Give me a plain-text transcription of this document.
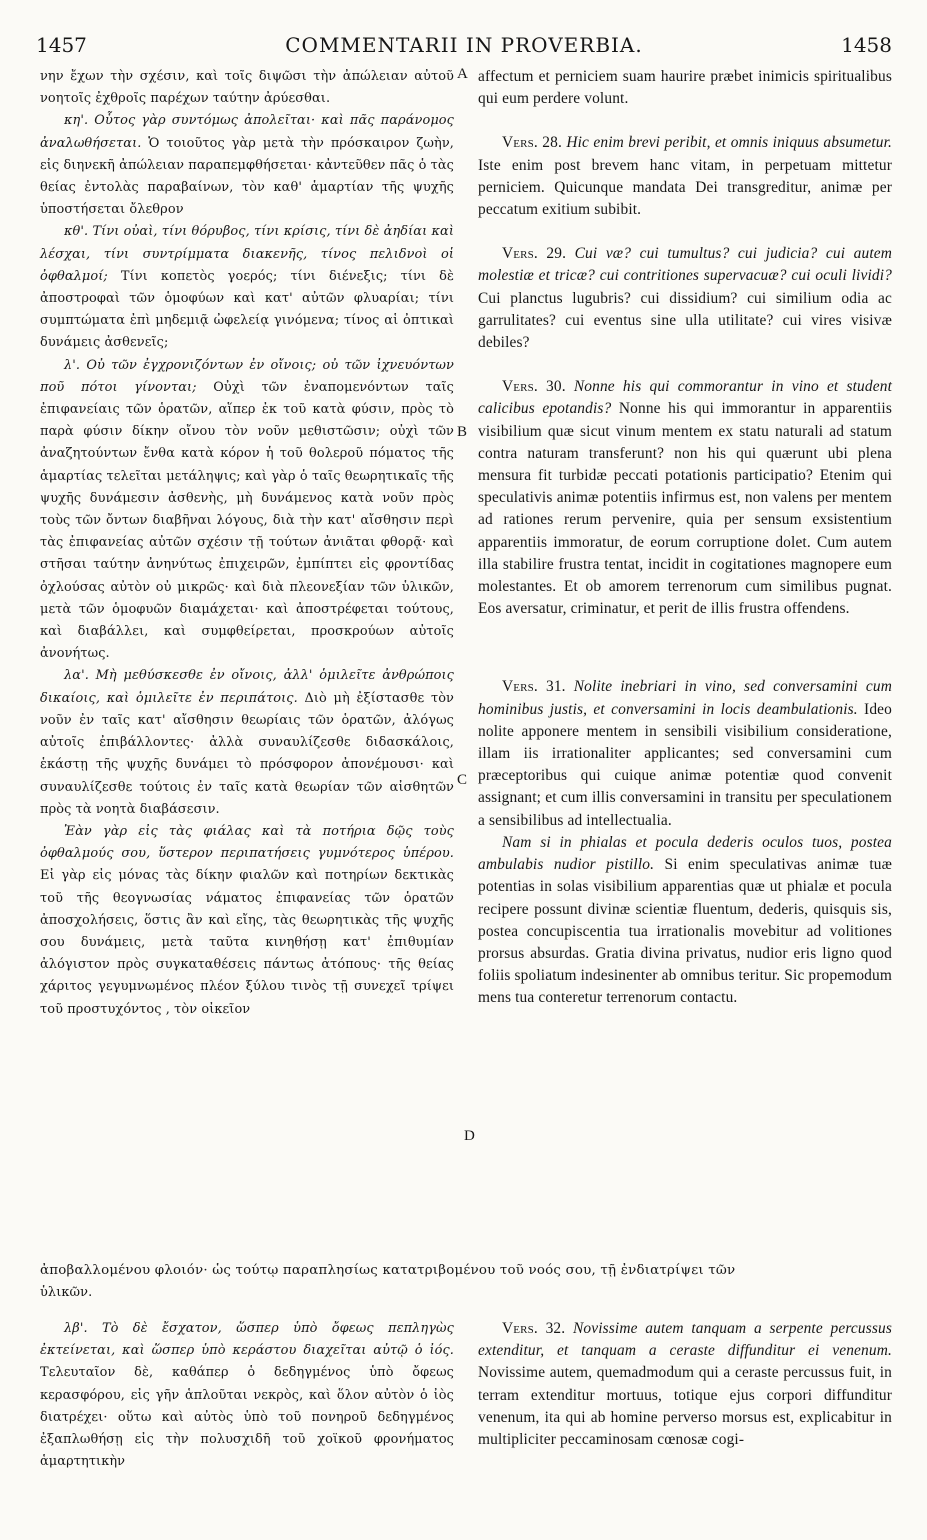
1457	COMMENTARII IN PROVERBIA.	1458
A
B
C
D

νην ἔχων τὴν σχέσιν, καὶ τοῖς διψῶσι τὴν ἀπώλειαν αὐτοῦ νοητοῖς ἐχθροῖς παρέχων ταύτην ἀρύεσθαι.

κη'. Οὗτος γὰρ συντόμως ἀπολεῖται· καὶ πᾶς παράνομος ἀναλωθήσεται. Ὁ τοιοῦτος γὰρ μετὰ τὴν πρόσκαιρον ζωὴν, εἰς διηνεκῆ ἀπώλειαν παραπεμφθήσεται· κἀντεῦθεν πᾶς ὁ τὰς θείας ἐντολὰς παραβαίνων, τὸν καθ' ἁμαρτίαν τῆς ψυχῆς ὑποστήσεται ὄλεθρον

κθ'. Τίνι οὐαὶ, τίνι θόρυβος, τίνι κρίσις, τίνι δὲ ἀηδίαι καὶ λέσχαι, τίνι συντρίμματα διακενῆς, τίνος πελιδνοὶ οἱ ὀφθαλμοί; Τίνι κοπετὸς γοερός; τίνι διένεξις; τίνι δὲ ἀποστροφαὶ τῶν ὁμοφύων καὶ κατ' αὐτῶν φλυαρίαι; τίνι συμπτώματα ἐπὶ μηδεμιᾷ ὠφελείᾳ γινόμενα; τίνος αἱ ὀπτικαὶ δυνάμεις ἀσθενεῖς;

λ'. Οὐ τῶν ἐγχρονιζόντων ἐν οἴνοις; οὐ τῶν ἰχνευόντων ποῦ πότοι γίνονται; Οὐχὶ τῶν ἐναπομενόντων ταῖς ἐπιφανείαις τῶν ὁρατῶν, αἵπερ ἐκ τοῦ κατὰ φύσιν, πρὸς τὸ παρὰ φύσιν δίκην οἴνου τὸν νοῦν μεθιστῶσιν; οὐχὶ τῶν ἀναζητούντων ἔνθα κατὰ κόρον ἡ τοῦ θολεροῦ πόματος τῆς ἁμαρτίας τελεῖται μετάληψις; καὶ γὰρ ὁ ταῖς θεωρητικαῖς τῆς ψυχῆς δυνάμεσιν ἀσθενὴς, μὴ δυνάμενος κατὰ νοῦν πρὸς τοὺς τῶν ὄντων διαβῆναι λόγους, διὰ τὴν κατ' αἴσθησιν περὶ τὰς ἐπιφανείας αὐτῶν σχέσιν τῇ τούτων ἀνιᾶται φθορᾷ· καὶ στῆσαι ταύτην ἀνηνύτως ἐπιχειρῶν, ἐμπίπτει εἰς φροντίδας ὀχλούσας αὐτὸν οὐ μικρῶς· καὶ διὰ πλεονεξίαν τῶν ὑλικῶν, μετὰ τῶν ὁμοφυῶν διαμάχεται· καὶ ἀποστρέφεται τούτους, καὶ διαβάλλει, καὶ συμφθείρεται, προσκρούων αὐτοῖς ἀνονήτως.

λα'. Μὴ μεθύσκεσθε ἐν οἴνοις, ἀλλ' ὁμιλεῖτε ἀνθρώποις δικαίοις, καὶ ὁμιλεῖτε ἐν περιπάτοις. Διὸ μὴ ἐξίστασθε τὸν νοῦν ἐν ταῖς κατ' αἴσθησιν θεωρίαις τῶν ὁρατῶν, ἀλόγως αὐτοῖς ἐπιβάλλοντες· ἀλλὰ συναυλίζεσθε διδασκάλοις, ἑκάστῃ τῆς ψυχῆς δυνάμει τὸ πρόσφορον ἀπονέμουσι· καὶ συναυλίζεσθε τούτοις ἐν ταῖς κατὰ θεωρίαν τῶν αἰσθητῶν πρὸς τὰ νοητὰ διαβάσεσιν.

Ἐὰν γὰρ εἰς τὰς φιάλας καὶ τὰ ποτήρια δῷς τοὺς ὀφθαλμούς σου, ὕστερον περιπατήσεις γυμνότερος ὑπέρου. Εἰ γὰρ εἰς μόνας τὰς δίκην φιαλῶν καὶ ποτηρίων δεκτικὰς τοῦ τῆς θεογνωσίας νάματος ἐπιφανείας τῶν ὁρατῶν ἀποσχολήσεις, ὅστις ἂν καὶ εἴης, τὰς θεωρητικὰς τῆς ψυχῆς σου δυνάμεις, μετὰ ταῦτα κινηθήσῃ κατ' ἐπιθυμίαν ἀλόγιστον πρὸς συγκαταθέσεις πάντως ἀτόπους· τῆς θείας χάριτος γεγυμνωμένος πλέον ξύλου τινὸς τῇ συνεχεῖ τρίψει τοῦ προστυχόντος , τὸν οἰκεῖον

ἀποβαλλομένου φλοιόν· ὡς τούτῳ παραπλησίως κατατριβομένου τοῦ νοός σου, τῇ ἐνδιατρίψει τῶν

ὑλικῶν.

affectum et perniciem suam haurire præbet inimicis spiritualibus qui eum perdere volunt.

Vers. 28. Hic enim brevi peribit, et omnis iniquus absumetur. Iste enim post brevem hanc vitam, in perpetuam mittetur perniciem. Quicunque mandata Dei transgreditur, animæ per peccatum exitium subibit.

Vers. 29. Cui væ? cui tumultus? cui judicia? cui autem molestiæ et tricæ? cui contritiones supervacuæ? cui oculi lividi? Cui planctus lugubris? cui dissidium? cui similium odia ac garrulitates? cui eventus sine ulla utilitate? cui vires visivæ debiles?

Vers. 30. Nonne his qui commorantur in vino et student calicibus epotandis? Nonne his qui immorantur in apparentiis visibilium quæ sicut vinum mentem ex statu naturali ad statum contra naturam transferunt? non his qui quærunt ubi plena mensura fit turbidæ peccati potationis participatio? Etenim qui speculativis animæ potentiis infirmus est, non valens per mentem ad rationes rerum pervenire, quia per sensum exsistentium apparentiis immoratur, de eorum corruptione dolet. Cum autem illa stabilire frustra tentat, incidit in cogitationes magnopere eum molestantes. Et ob amorem terrenorum cum similibus pugnat. Eos aversatur, criminatur, et perit de illis frustra offendens.

Vers. 31. Nolite inebriari in vino, sed conversamini cum hominibus justis, et conversamini in locis deambulationis. Ideo nolite apponere mentem in sensibili visibilium consideratione, illam iis irrationaliter applicantes; sed conversamini cum præceptoribus qui cuique animæ potentiæ quod convenit assignant; et cum illis conversamini in transitu per speculationem a sensibilibus ad intellectualia.

Nam si in phialas et pocula dederis oculos tuos, postea ambulabis nudior pistillo. Si enim speculativas animæ tuæ potentias in solas visibilium apparentias quæ ut phialæ et pocula recipere possunt divinæ scientiæ fluentum, dederis, quisquis sis, postea concupiscentia tua irrationalis movebitur ad volitiones prorsus absurdas. Gratia divina privatus, nudior eris ligno quod foliis spoliatum indesinenter ab omnibus teritur. Sic propemodum mens tua conteretur terrenorum contactu.

λβ'. Τὸ δὲ ἔσχατον, ὥσπερ ὑπὸ ὄφεως πεπληγὼς ἐκτείνεται, καὶ ὥσπερ ὑπὸ κεράστου διαχεῖται αὐτῷ ὁ ἰός. Τελευταῖον δὲ, καθάπερ ὁ δεδηγμένος ὑπὸ ὄφεως κερασφόρου, εἰς γῆν ἁπλοῦται νεκρὸς, καὶ ὅλον αὐτὸν ὁ ἰὸς διατρέχει· οὕτω καὶ αὐτὸς ὑπὸ τοῦ πονηροῦ δεδηγμένος ἐξαπλωθήσῃ εἰς τὴν πολυσχιδῆ τοῦ χοϊκοῦ φρονήματος ἁμαρτητικὴν

Vers. 32. Novissime autem tanquam a serpente percussus extenditur, et tanquam a ceraste diffunditur ei venenum. Novissime autem, quemadmodum qui a ceraste percussus fuit, in terram extenditur mortuus, totique ejus corpori diffunditur venenum, ita qui ab homine perverso morsus est, explicabitur in multipliciter peccaminosam cœnosæ cogi-
